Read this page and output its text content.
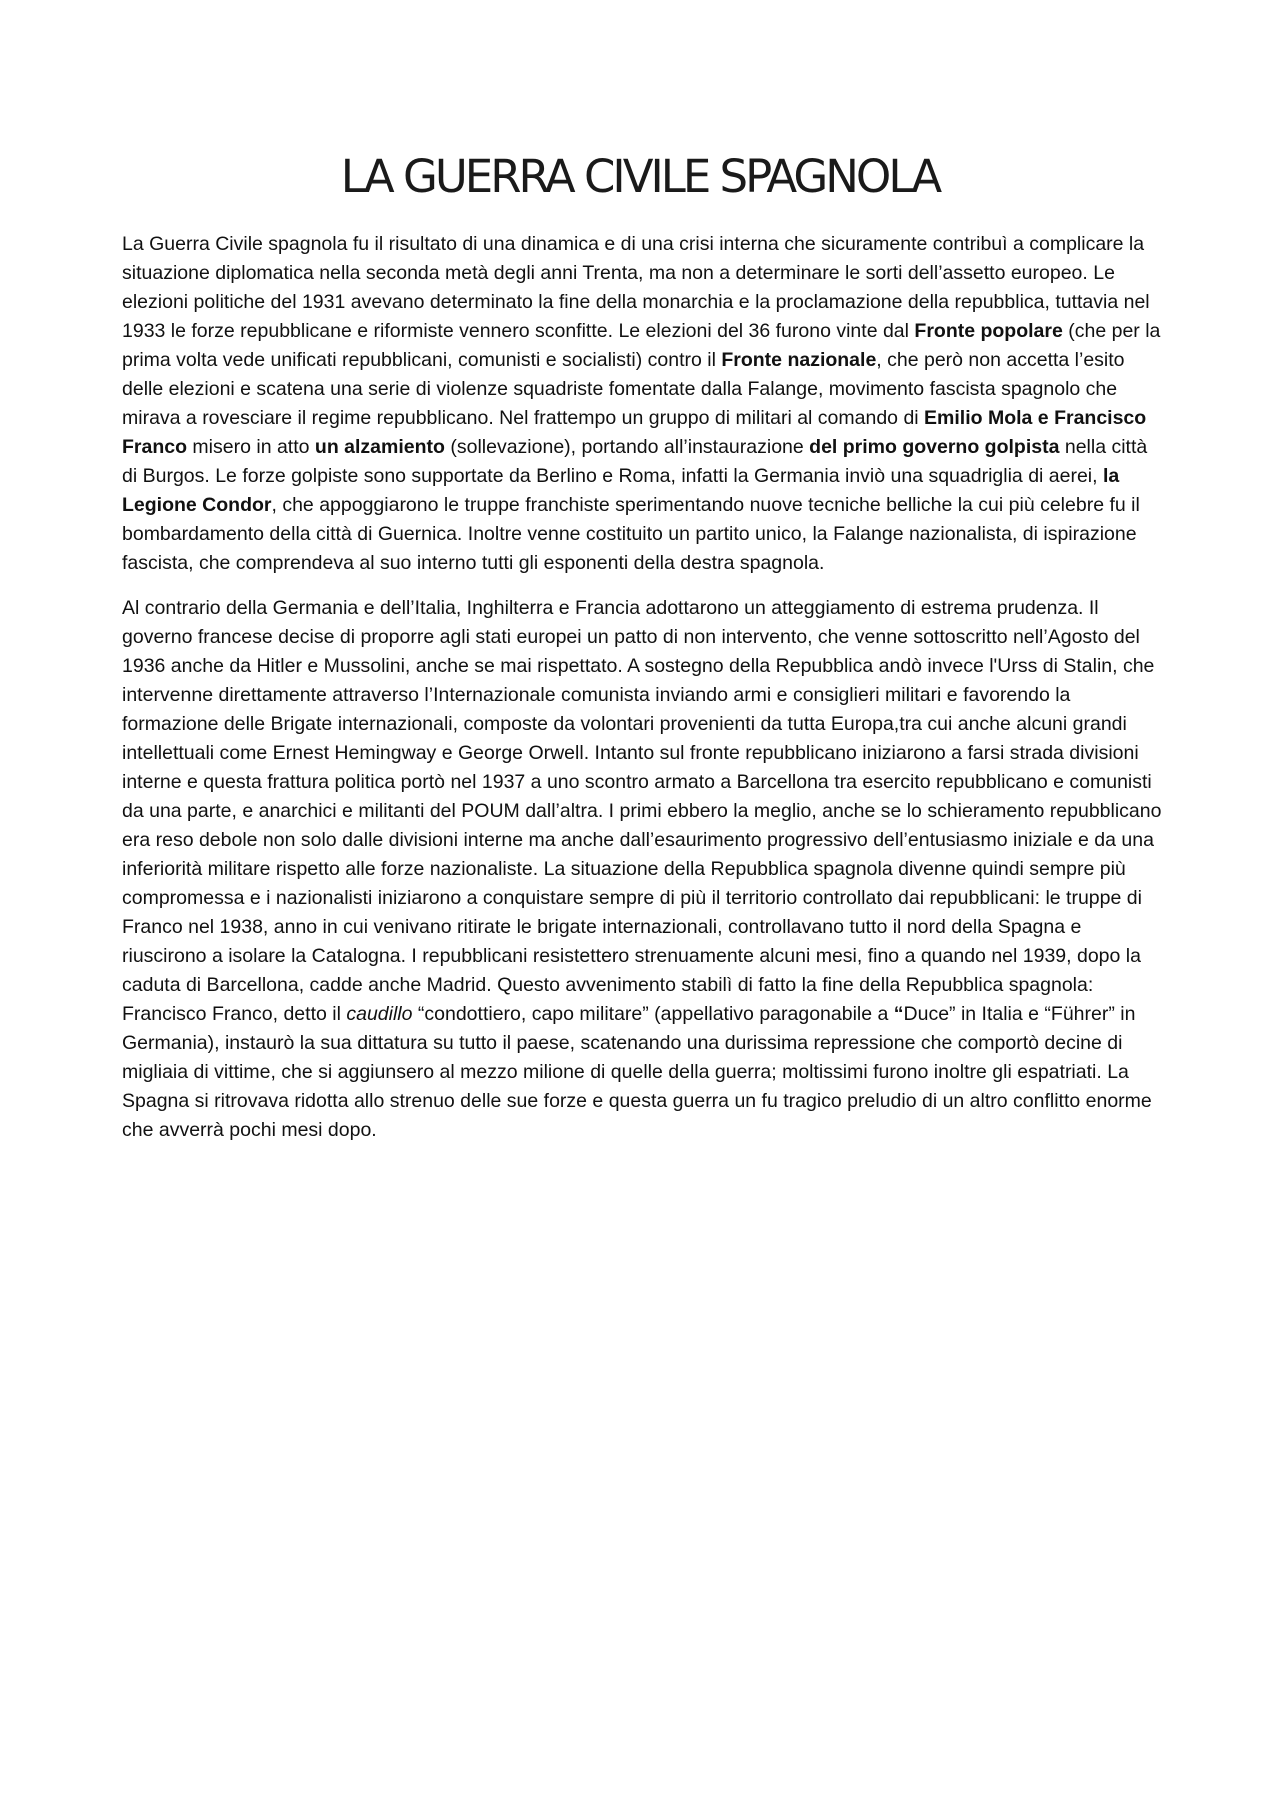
LA GUERRA CIVILE SPAGNOLA

La Guerra Civile spagnola fu il risultato di una dinamica e di una crisi interna che sicuramente contribuì a complicare la situazione diplomatica nella seconda metà degli anni Trenta, ma non a determinare le sorti dell’assetto europeo. Le elezioni politiche del 1931 avevano determinato la fine della monarchia e la proclamazione della repubblica, tuttavia nel 1933 le forze repubblicane e riformiste vennero sconfitte. Le elezioni del 36 furono vinte dal Fronte popolare (che per la prima volta vede unificati repubblicani, comunisti e socialisti) contro il Fronte nazionale, che però non accetta l’esito delle elezioni e scatena una serie di violenze squadriste fomentate dalla Falange, movimento fascista spagnolo che mirava a rovesciare il regime repubblicano. Nel frattempo un gruppo di militari al comando di Emilio Mola e Francisco Franco misero in atto un alzamiento (sollevazione), portando all’instaurazione del primo governo golpista nella città di Burgos. Le forze golpiste sono supportate da Berlino e Roma, infatti la Germania inviò una squadriglia di aerei, la Legione Condor, che appoggiarono le truppe franchiste sperimentando nuove tecniche belliche la cui più celebre fu il bombardamento della città di Guernica. Inoltre venne costituito un partito unico, la Falange nazionalista, di ispirazione fascista, che comprendeva al suo interno tutti gli esponenti della destra spagnola.

Al contrario della Germania e dell’Italia, Inghilterra e Francia adottarono un atteggiamento di estrema prudenza. Il governo francese decise di proporre agli stati europei un patto di non intervento, che venne sottoscritto nell’Agosto del 1936 anche da Hitler e Mussolini, anche se mai rispettato. A sostegno della Repubblica andò invece l'Urss di Stalin, che intervenne direttamente attraverso l’Internazionale comunista inviando armi e consiglieri militari e favorendo la formazione delle Brigate internazionali, composte da volontari provenienti da tutta Europa,tra cui anche alcuni grandi intellettuali come Ernest Hemingway e George Orwell. Intanto sul fronte repubblicano iniziarono a farsi strada divisioni interne e questa frattura politica portò nel 1937 a uno scontro armato a Barcellona tra esercito repubblicano e comunisti da una parte, e anarchici e militanti del POUM dall’altra. I primi ebbero la meglio, anche se lo schieramento repubblicano era reso debole non solo dalle divisioni interne ma anche dall’esaurimento progressivo dell’entusiasmo iniziale e da una inferiorità militare rispetto alle forze nazionaliste. La situazione della Repubblica spagnola divenne quindi sempre più compromessa e i nazionalisti iniziarono a conquistare sempre di più il territorio controllato dai repubblicani: le truppe di Franco nel 1938, anno in cui venivano ritirate le brigate internazionali, controllavano tutto il nord della Spagna e riuscirono a isolare la Catalogna. I repubblicani resistettero strenuamente alcuni mesi, fino a quando nel 1939, dopo la caduta di Barcellona, cadde anche Madrid. Questo avvenimento stabilì di fatto la fine della Repubblica spagnola: Francisco Franco, detto il caudillo “condottiero, capo militare” (appellativo paragonabile a “Duce” in Italia e “Führer” in Germania), instaurò la sua dittatura su tutto il paese, scatenando una durissima repressione che comportò decine di migliaia di vittime, che si aggiunsero al mezzo milione di quelle della guerra; moltissimi furono inoltre gli espatriati. La Spagna si ritrovava ridotta allo strenuo delle sue forze e questa guerra un fu tragico preludio di un altro conflitto enorme che avverrà pochi mesi dopo.
